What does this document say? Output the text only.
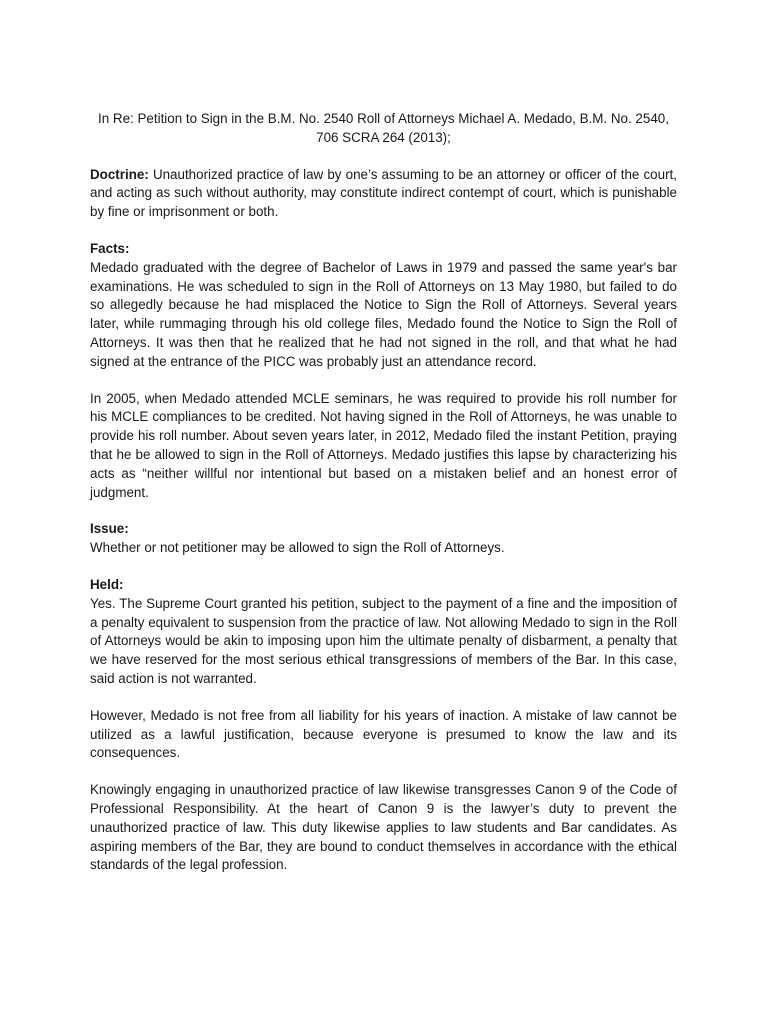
In Re: Petition to Sign in the B.M. No. 2540 Roll of Attorneys Michael A. Medado, B.M. No. 2540,
706 SCRA 264 (2013);
Doctrine: Unauthorized practice of law by one’s assuming to be an attorney or officer of the court, and acting as such without authority, may constitute indirect contempt of court, which is punishable by fine or imprisonment or both.
Facts:

Medado graduated with the degree of Bachelor of Laws in 1979 and passed the same year's bar examinations. He was scheduled to sign in the Roll of Attorneys on 13 May 1980, but failed to do so allegedly because he had misplaced the Notice to Sign the Roll of Attorneys. Several years later, while rummaging through his old college files, Medado found the Notice to Sign the Roll of Attorneys. It was then that he realized that he had not signed in the roll, and that what he had signed at the entrance of the PICC was probably just an attendance record.

In 2005, when Medado attended MCLE seminars, he was required to provide his roll number for his MCLE compliances to be credited. Not having signed in the Roll of Attorneys, he was unable to provide his roll number. About seven years later, in 2012, Medado filed the instant Petition, praying that he be allowed to sign in the Roll of Attorneys. Medado justifies this lapse by characterizing his acts as “neither willful nor intentional but based on a mistaken belief and an honest error of judgment.

Issue:

Whether or not petitioner may be allowed to sign the Roll of Attorneys.

Held:

Yes. The Supreme Court granted his petition, subject to the payment of a fine and the imposition of a penalty equivalent to suspension from the practice of law. Not allowing Medado to sign in the Roll of Attorneys would be akin to imposing upon him the ultimate penalty of disbarment, a penalty that we have reserved for the most serious ethical transgressions of members of the Bar. In this case, said action is not warranted.

However, Medado is not free from all liability for his years of inaction. A mistake of law cannot be utilized as a lawful justification, because everyone is presumed to know the law and its consequences.

Knowingly engaging in unauthorized practice of law likewise transgresses Canon 9 of the Code of Professional Responsibility. At the heart of Canon 9 is the lawyer’s duty to prevent the unauthorized practice of law. This duty likewise applies to law students and Bar candidates. As aspiring members of the Bar, they are bound to conduct themselves in accordance with the ethical standards of the legal profession.
